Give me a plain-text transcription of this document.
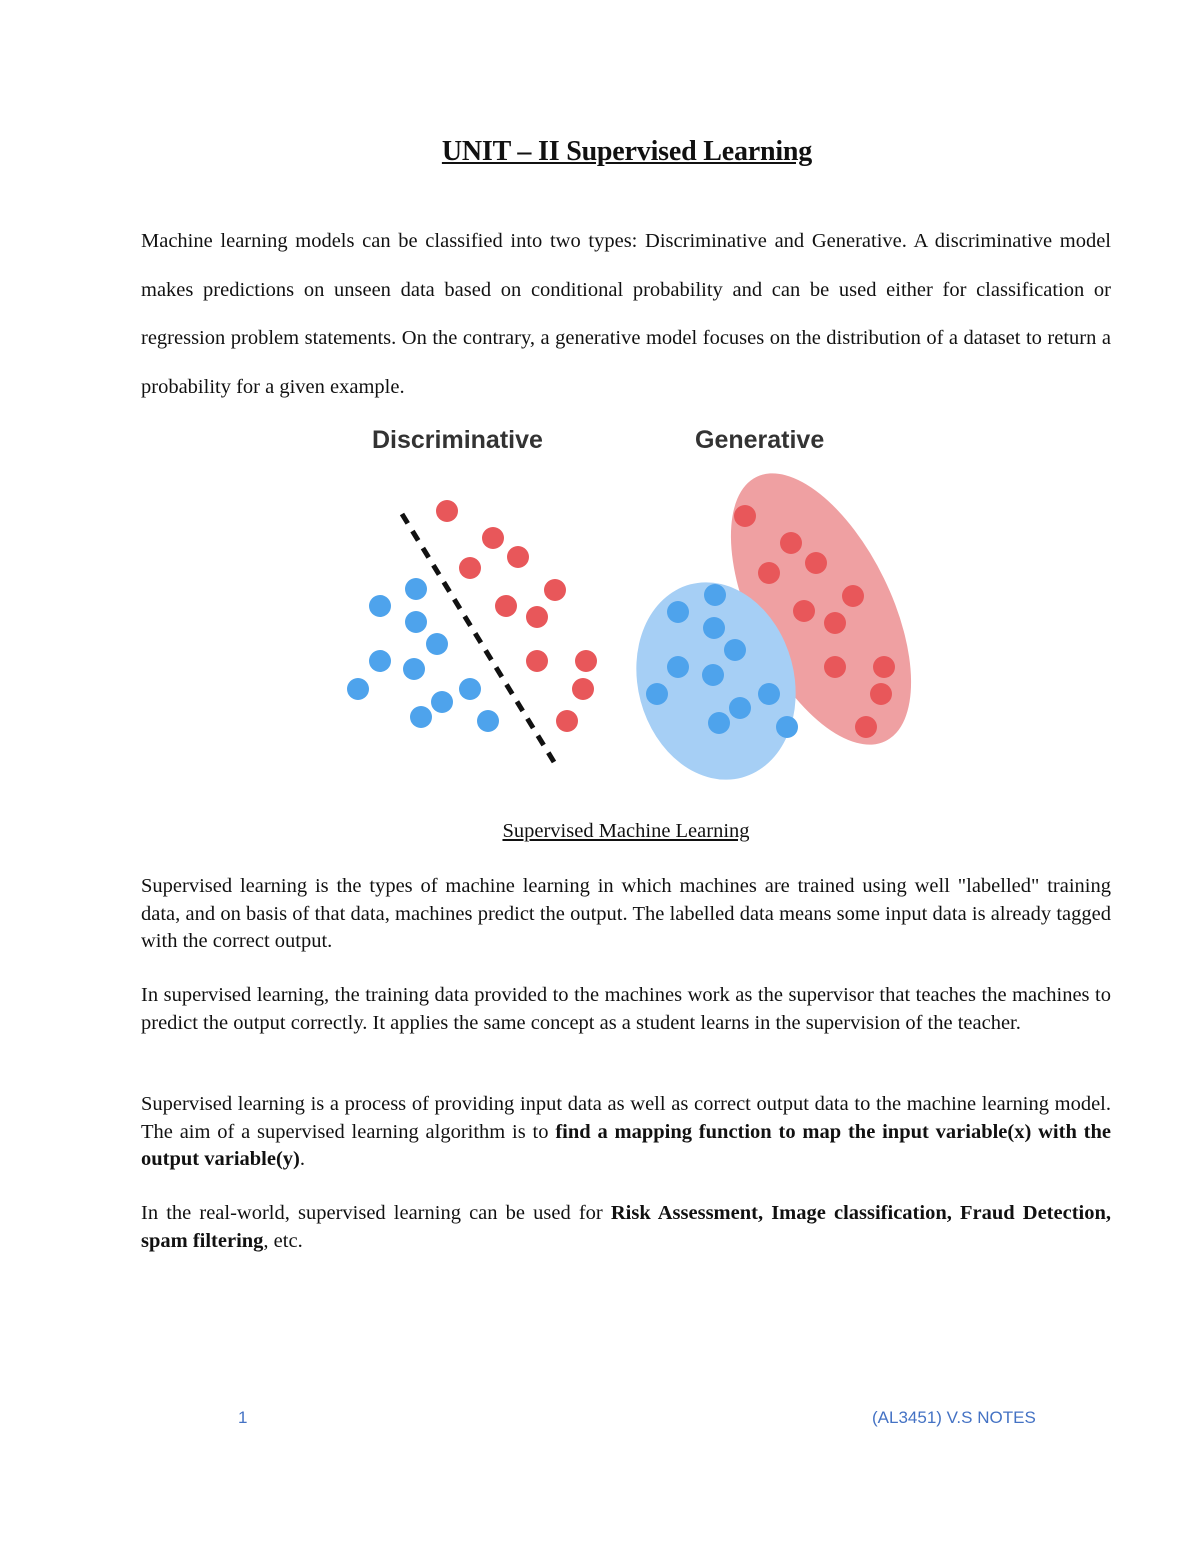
UNIT – II Supervised Learning

Machine learning models can be classified into two types: Discriminative and Generative. A discriminative model makes predictions on unseen data based on conditional probability and can be used either for classification or regression problem statements. On the contrary, a generative model focuses on the distribution of a dataset to return a probability for a given example.

Discriminative	Generative

Supervised Machine Learning

Supervised learning is the types of machine learning in which machines are trained using well "labelled" training data, and on basis of that data, machines predict the output. The labelled data means some input data is already tagged with the correct output.

In supervised learning, the training data provided to the machines work as the supervisor that teaches the machines to predict the output correctly. It applies the same concept as a student learns in the supervision of the teacher.

Supervised learning is a process of providing input data as well as correct output data to the machine learning model. The aim of a supervised learning algorithm is to find a mapping function to map the input variable(x) with the output variable(y).

In the real-world, supervised learning can be used for Risk Assessment, Image classification, Fraud Detection, spam filtering, etc.

1	(AL3451) V.S NOTES
